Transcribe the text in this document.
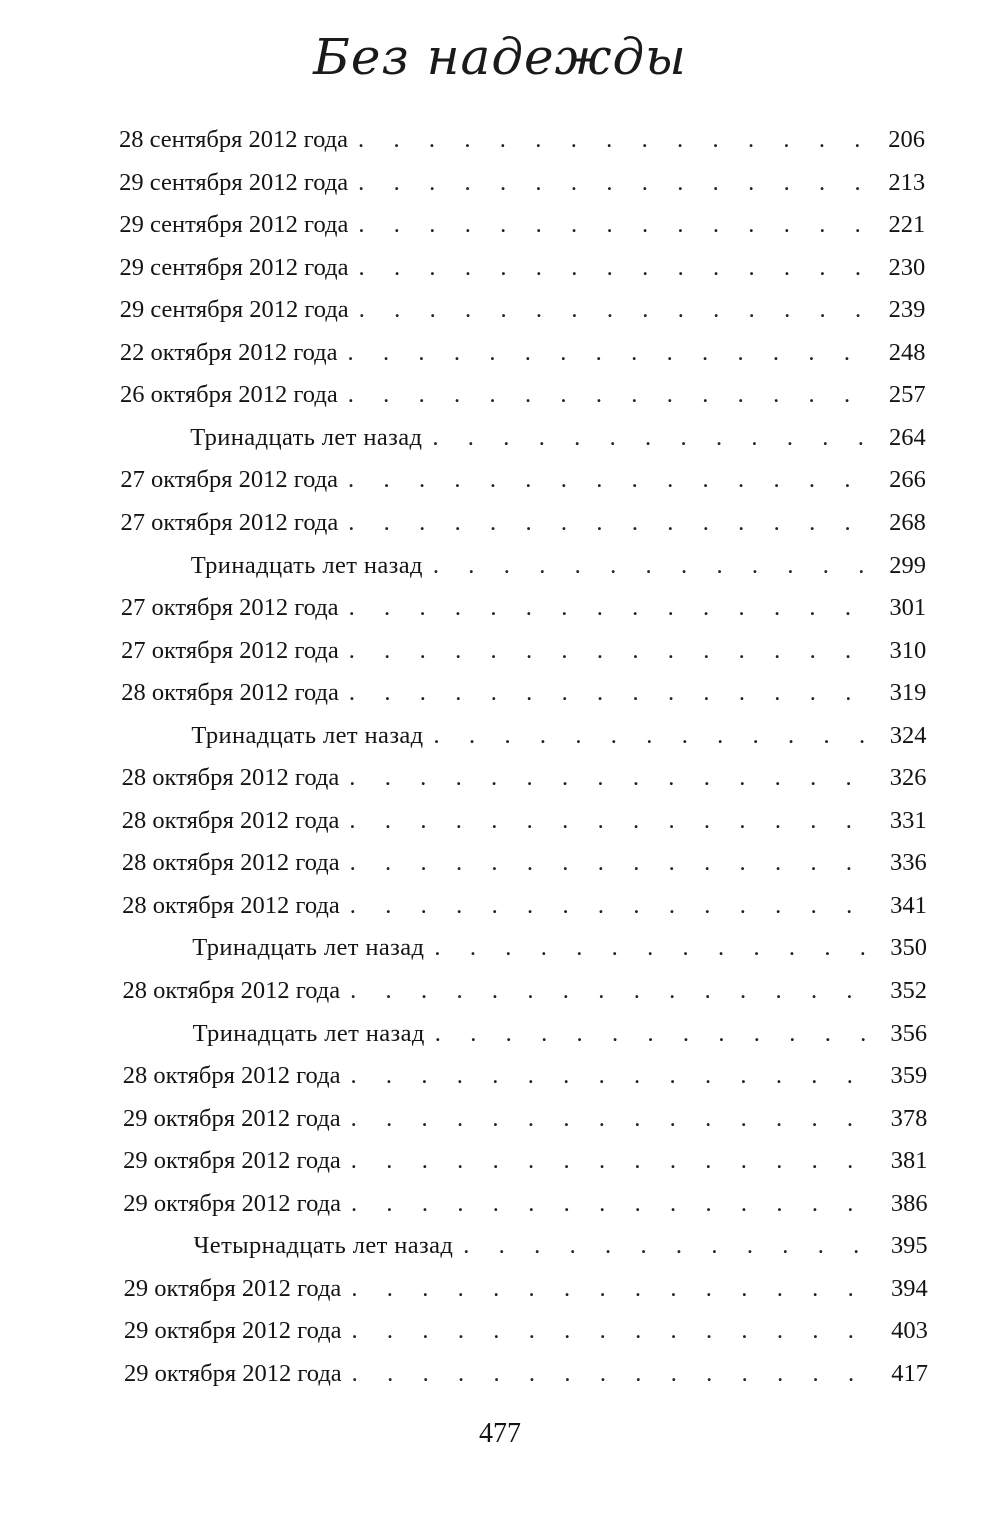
Без надежды
28 сентября 2012 года . . .	206
29 сентября 2012 года . . .	213
29 сентября 2012 года . . .	221
29 сентября 2012 года . . .	230
29 сентября 2012 года . . .	239
22 октября 2012 года . . .	248
26 октября 2012 года . . .	257
Тринадцать лет назад . . .	264
27 октября 2012 года . . .	266
27 октября 2012 года . . .	268
Тринадцать лет назад . . .	299
27 октября 2012 года . . .	301
27 октября 2012 года . . .	310
28 октября 2012 года . . .	319
Тринадцать лет назад . . .	324
28 октября 2012 года . . .	326
28 октября 2012 года . . .	331
28 октября 2012 года . . .	336
28 октября 2012 года . . .	341
Тринадцать лет назад . . .	350
28 октября 2012 года . . .	352
Тринадцать лет назад . . .	356
28 октября 2012 года . . .	359
29 октября 2012 года . . .	378
29 октября 2012 года . . .	381
29 октября 2012 года . . .	386
Четырнадцать лет назад . . .	395
29 октября 2012 года . . .	394
29 октября 2012 года . . .	403
29 октября 2012 года . . .	417
477
